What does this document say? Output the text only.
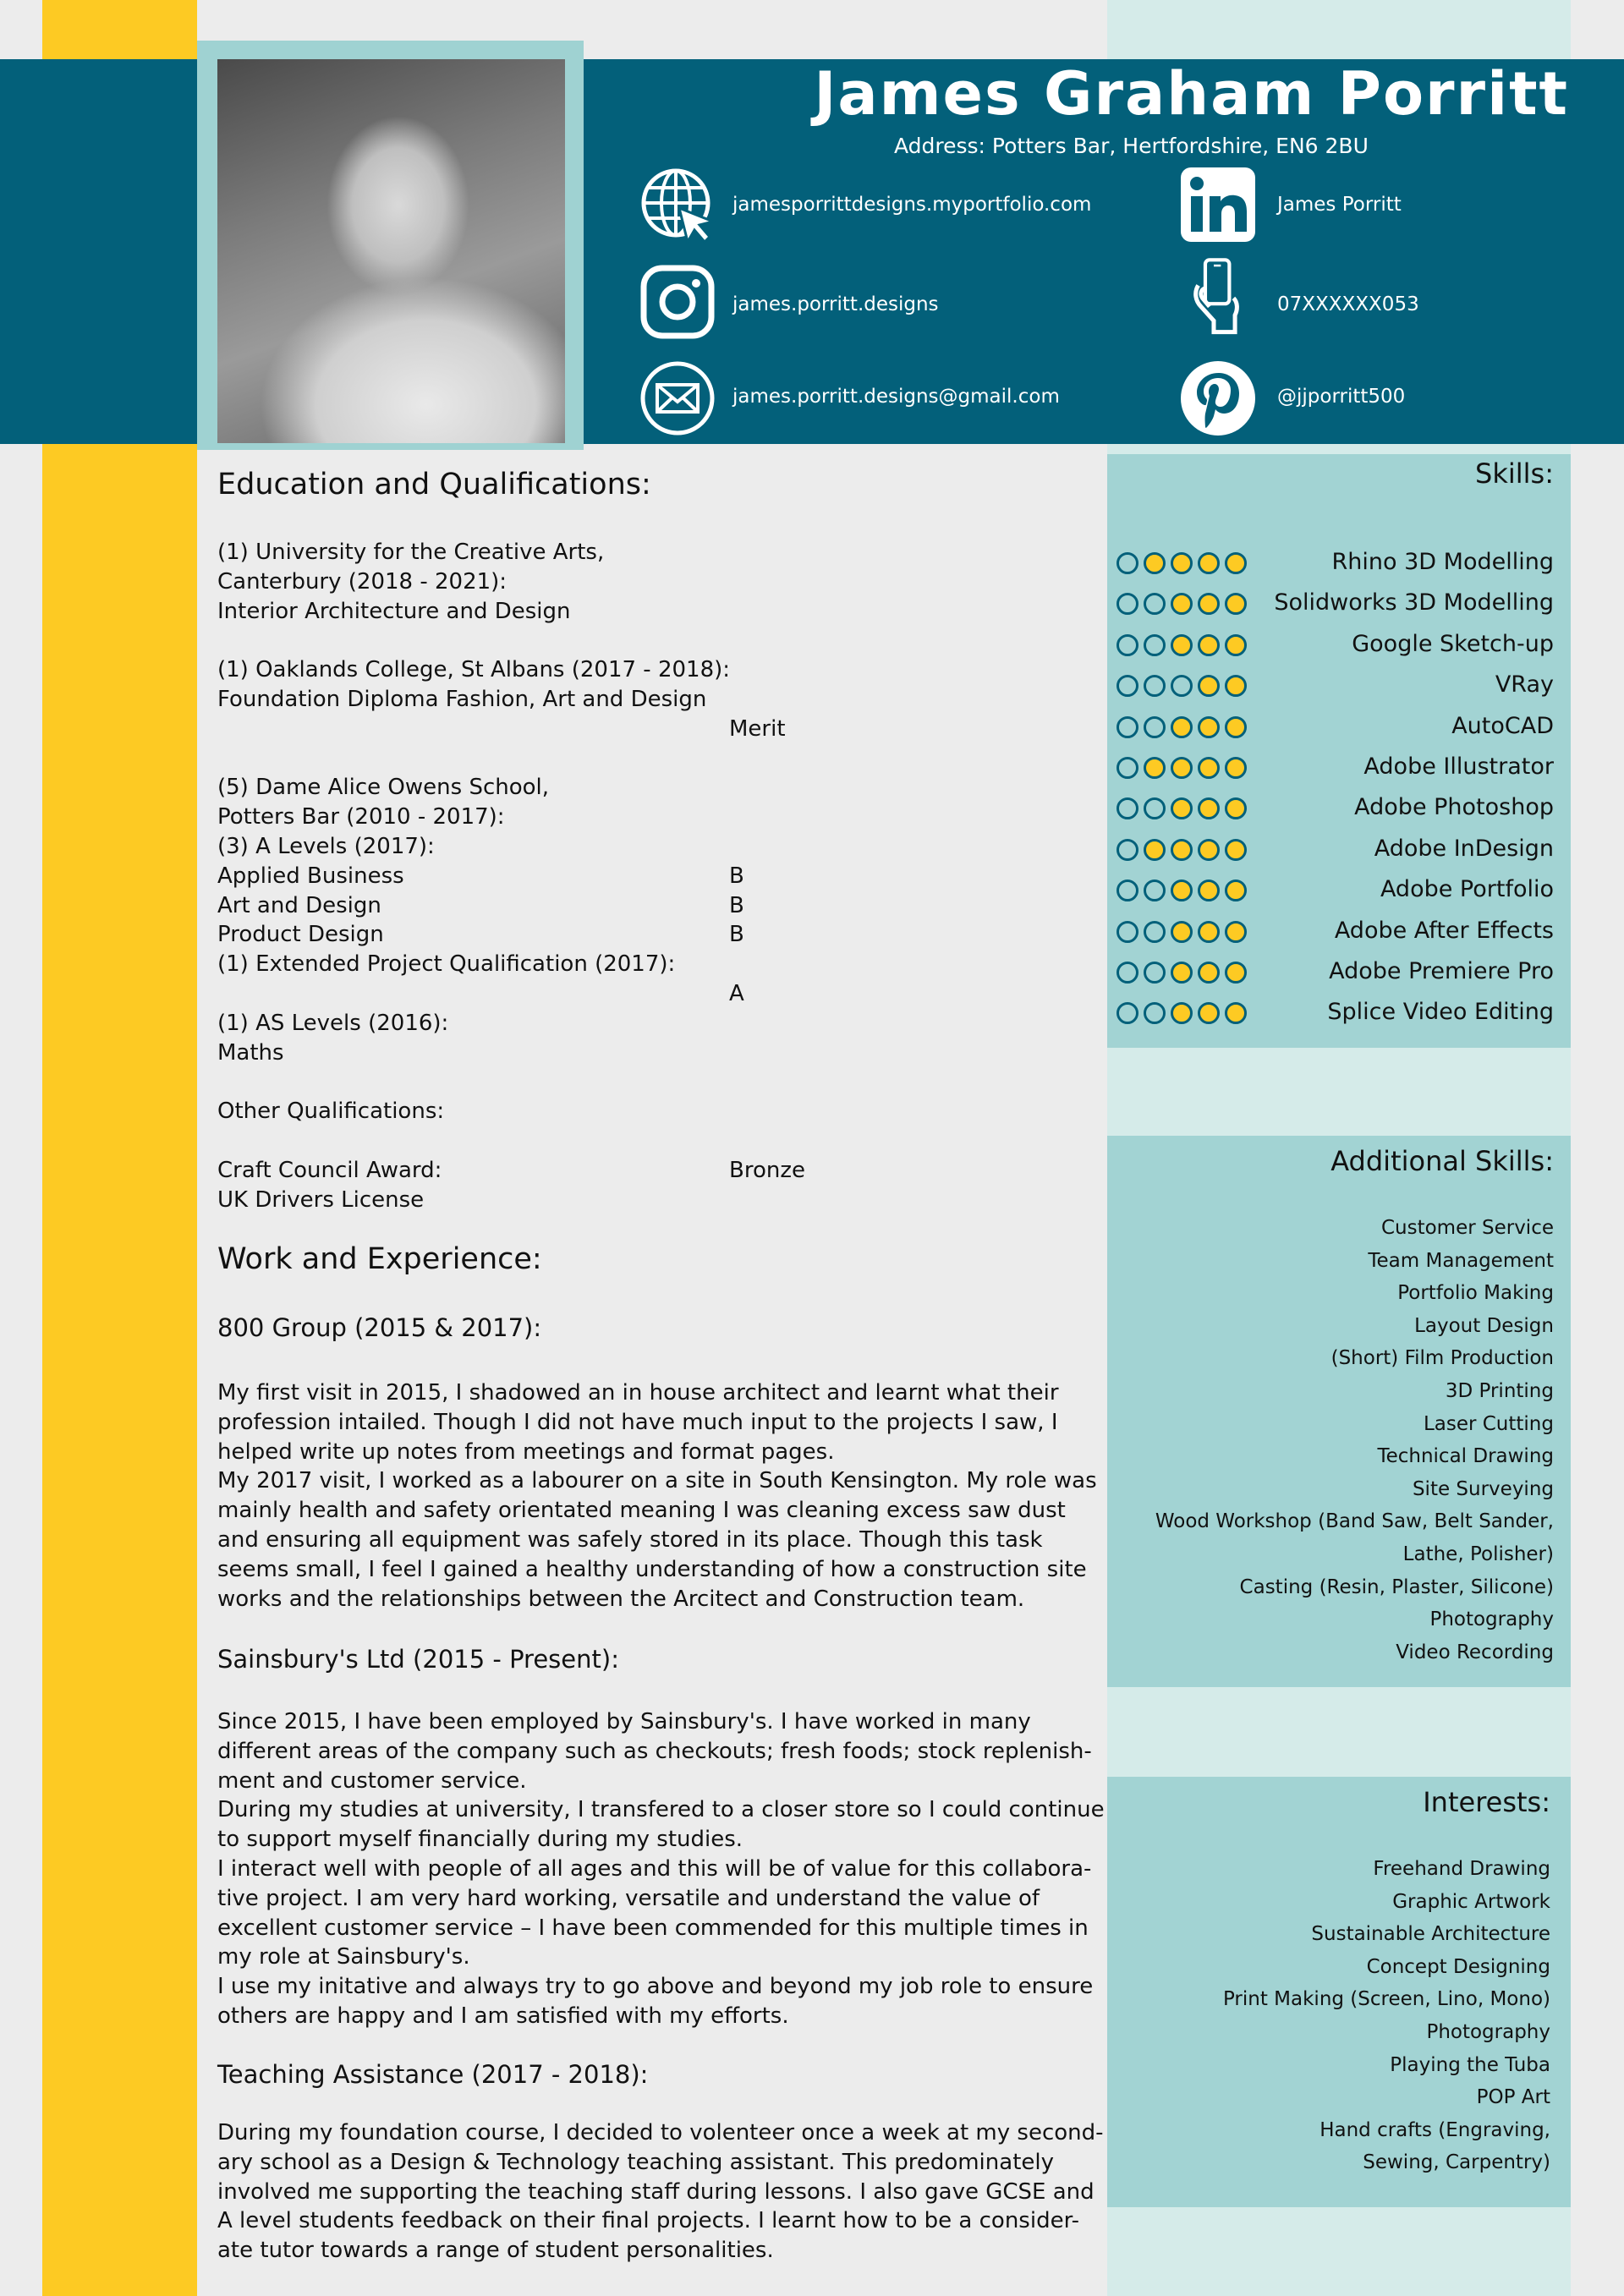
James Graham Porritt
Address: Potters Bar, Hertfordshire, EN6 2BU
jamesporrittdesigns.myportfolio.com
james.porritt.designs
james.porritt.designs@gmail.com
James Porritt
07XXXXXX053
@jjporritt500
Education and Qualifications:
(1) University for the Creative Arts,
Canterbury (2018 - 2021):
Interior Architecture and Design

(1) Oaklands College, St Albans (2017 - 2018):
Foundation Diploma Fashion, Art and Design

(5) Dame Alice Owens School,
Potters Bar (2010 - 2017):
(3) A Levels (2017):
Applied Business
Art and Design
Product Design
(1) Extended Project Qualification (2017):

(1) AS Levels (2016):
Maths

Other Qualifications:

Craft Council Award:
UK Drivers License
Merit
B
B
B
A
Bronze
Work and Experience:
800 Group (2015 & 2017):
My first visit in 2015, I shadowed an in house architect and learnt what their
profession intailed. Though I did not have much input to the projects I saw, I
helped write up notes from meetings and format pages.
My 2017 visit, I worked as a labourer on a site in South Kensington. My role was
mainly health and safety orientated meaning I was cleaning excess saw dust
and ensuring all equipment was safely stored in its place. Though this task
seems small, I feel I gained a healthy understanding of how a construction site
works and the relationships between the Arcitect and Construction team.
Sainsbury's Ltd (2015 - Present):
Since 2015, I have been employed by Sainsbury's. I have worked in many
different areas of the company such as checkouts; fresh foods; stock replenish-
ment and customer service.
During my studies at university, I transfered to a closer store so I could continue
to support myself financially during my studies.
I interact well with people of all ages and this will be of value for this collabora-
tive project. I am very hard working, versatile and understand the value of
excellent customer service – I have been commended for this multiple times in
my role at Sainsbury's.
I use my initative and always try to go above and beyond my job role to ensure
others are happy and I am satisfied with my efforts.
Teaching Assistance (2017 - 2018):
During my foundation course, I decided to volenteer once a week at my second-
ary school as a Design & Technology teaching assistant. This predominately
involved me supporting the teaching staff during lessons. I also gave GCSE and
A level students feedback on their final projects. I learnt how to be a consider-
ate tutor towards a range of student personalities.
Skills:
Rhino 3D Modelling
Solidworks 3D Modelling
Google Sketch-up
VRay
AutoCAD
Adobe Illustrator
Adobe Photoshop
Adobe InDesign
Adobe Portfolio
Adobe After Effects
Adobe Premiere Pro
Splice Video Editing
Additional Skills:
Customer Service
Team Management
Portfolio Making
Layout Design
(Short) Film Production
3D Printing
Laser Cutting
Technical Drawing
Site Surveying
Wood Workshop (Band Saw, Belt Sander,
Lathe, Polisher)
Casting (Resin, Plaster, Silicone)
Photography
Video Recording
Interests:
Freehand Drawing
Graphic Artwork
Sustainable Architecture
Concept Designing
Print Making (Screen, Lino, Mono)
Photography
Playing the Tuba
POP Art
Hand crafts (Engraving,
Sewing, Carpentry)
